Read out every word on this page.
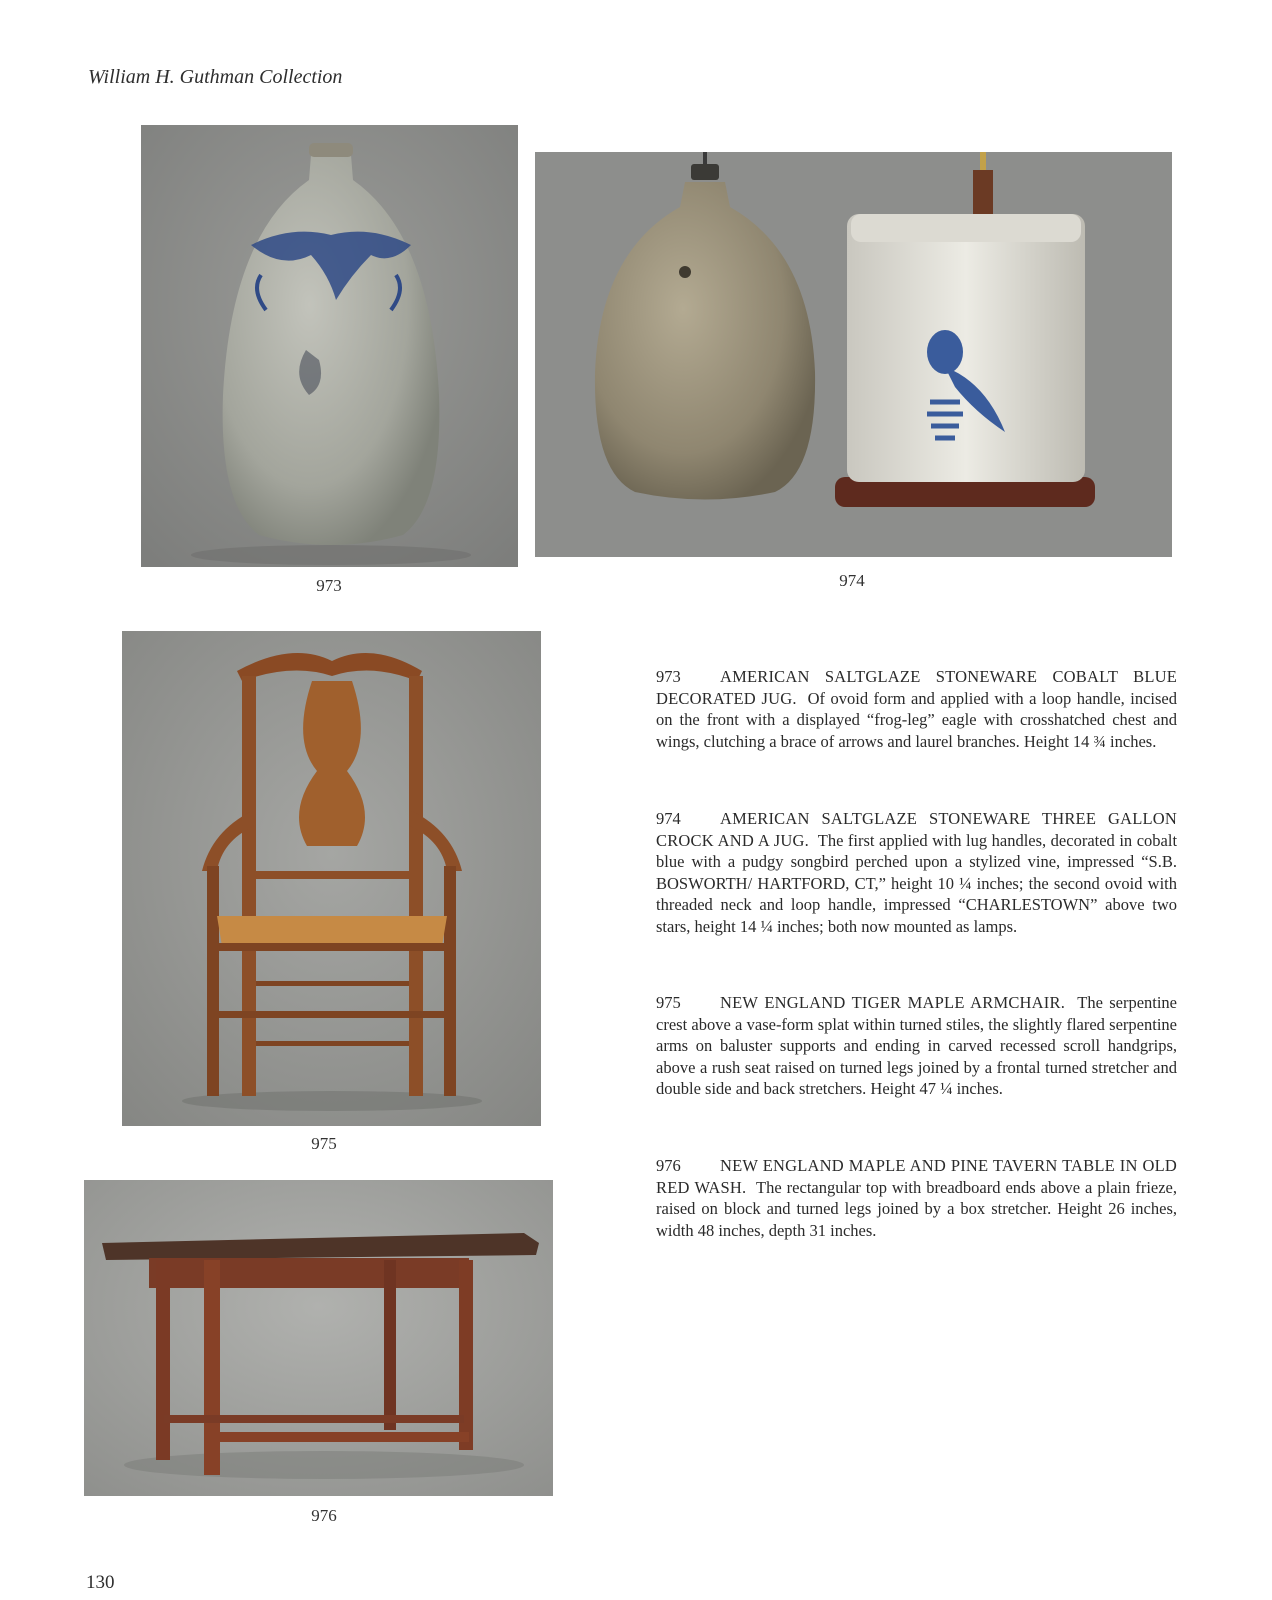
William H. Guthman Collection
973	974
975
976
973 AMERICAN SALTGLAZE STONEWARE COBALT BLUE DECORATED JUG. Of ovoid form and applied with a loop handle, incised on the front with a displayed “frog-leg” eagle with crosshatched chest and wings, clutching a brace of arrows and laurel branches. Height 14 ¾ inches.
974 AMERICAN SALTGLAZE STONEWARE THREE GALLON CROCK AND A JUG. The first applied with lug handles, decorated in cobalt blue with a pudgy songbird perched upon a stylized vine, impressed “S.B. BOSWORTH/ HARTFORD, CT,” height 10 ¼ inches; the second ovoid with threaded neck and loop handle, impressed “CHARLESTOWN” above two stars, height 14 ¼ inches; both now mounted as lamps.
975 NEW ENGLAND TIGER MAPLE ARMCHAIR. The serpentine crest above a vase-form splat within turned stiles, the slightly flared serpentine arms on baluster supports and ending in carved recessed scroll handgrips, above a rush seat raised on turned legs joined by a frontal turned stretcher and double side and back stretchers. Height 47 ¼ inches.
976 NEW ENGLAND MAPLE AND PINE TAVERN TABLE IN OLD RED WASH. The rectangular top with breadboard ends above a plain frieze, raised on block and turned legs joined by a box stretcher. Height 26 inches, width 48 inches, depth 31 inches.
130
